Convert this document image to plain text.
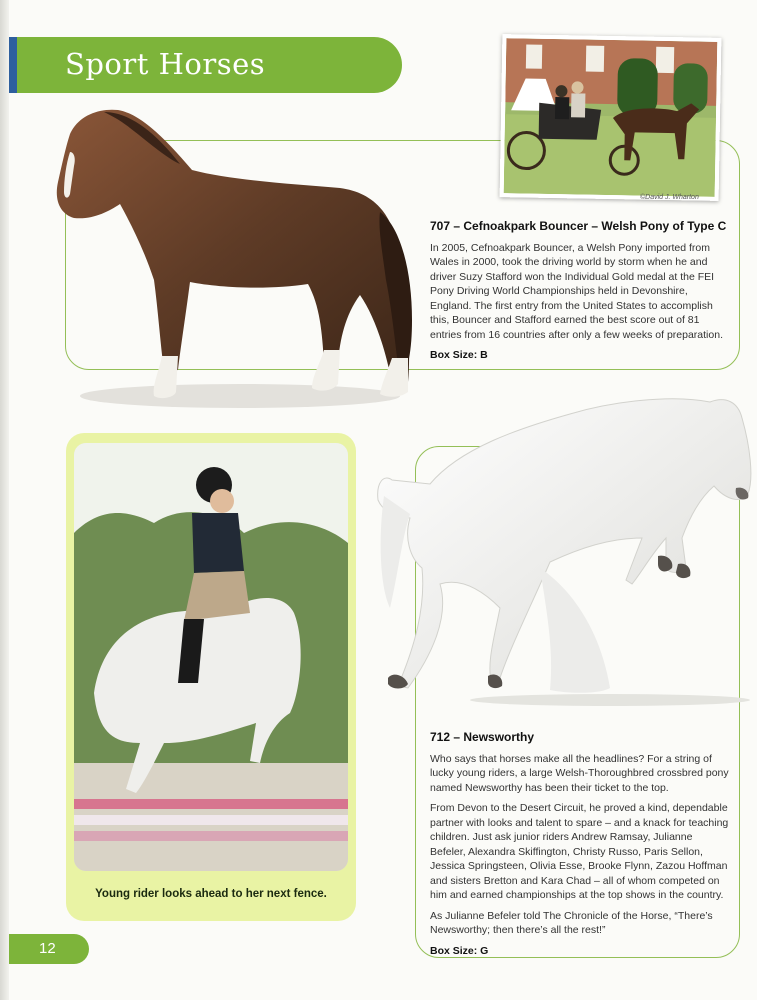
Sport Horses
©David J. Wharton
707 – Cefnoakpark Bouncer – Welsh Pony of Type C

In 2005, Cefnoakpark Bouncer, a Welsh Pony imported from Wales in 2000, took the driving world by storm when he and driver Suzy Stafford won the Individual Gold medal at the FEI Pony Driving World Championships held in Devonshire, England. The first entry from the United States to accomplish this, Bouncer and Stafford earned the best score out of 81 entries from 16 countries after only a few weeks of preparation.

Box Size: B
Young rider looks ahead to her next fence.
712 – Newsworthy

Who says that horses make all the headlines? For a string of lucky young riders, a large Welsh-Thoroughbred crossbred pony named Newsworthy has been their ticket to the top.

From Devon to the Desert Circuit, he proved a kind, dependable partner with looks and talent to spare – and a knack for teaching children. Just ask junior riders Andrew Ramsay, Julianne Befeler, Alexandra Skiffington, Christy Russo, Paris Sellon, Jessica Springsteen, Olivia Esse, Brooke Flynn, Zazou Hoffman and sisters Bretton and Kara Chad – all of whom competed on him and earned championships at the top shows in the country.

As Julianne Befeler told The Chronicle of the Horse, “There’s Newsworthy; then there’s all the rest!”

Box Size: G
12
